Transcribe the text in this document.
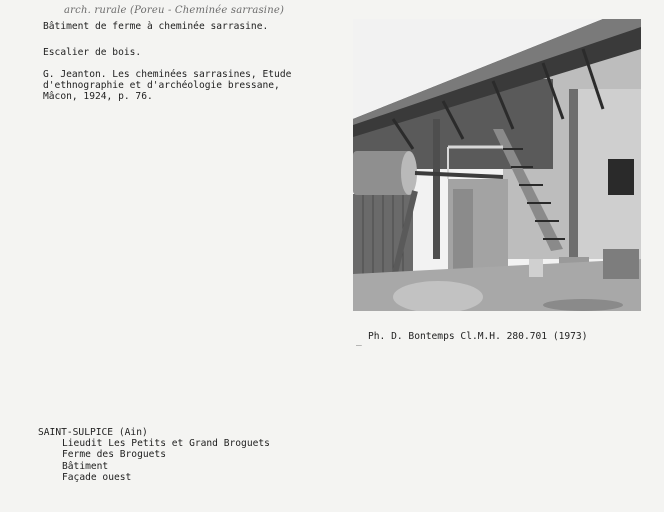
arch. rurale (Poreu - Cheminée sarrasine)
Bâtiment de ferme à cheminée sarrasine.
Escalier de bois.
G. Jeanton. Les cheminées sarrasines, Etude
d'ethnographie et d'archéologie bressane,
Mâcon, 1924, p. 76.
_ Ph. D. Bontemps Cl.M.H. 280.701 (1973)
SAINT-SULPICE (Ain)
Lieudit Les Petits et Grand Broguets
Ferme des Broguets
Bâtiment
Façade ouest
